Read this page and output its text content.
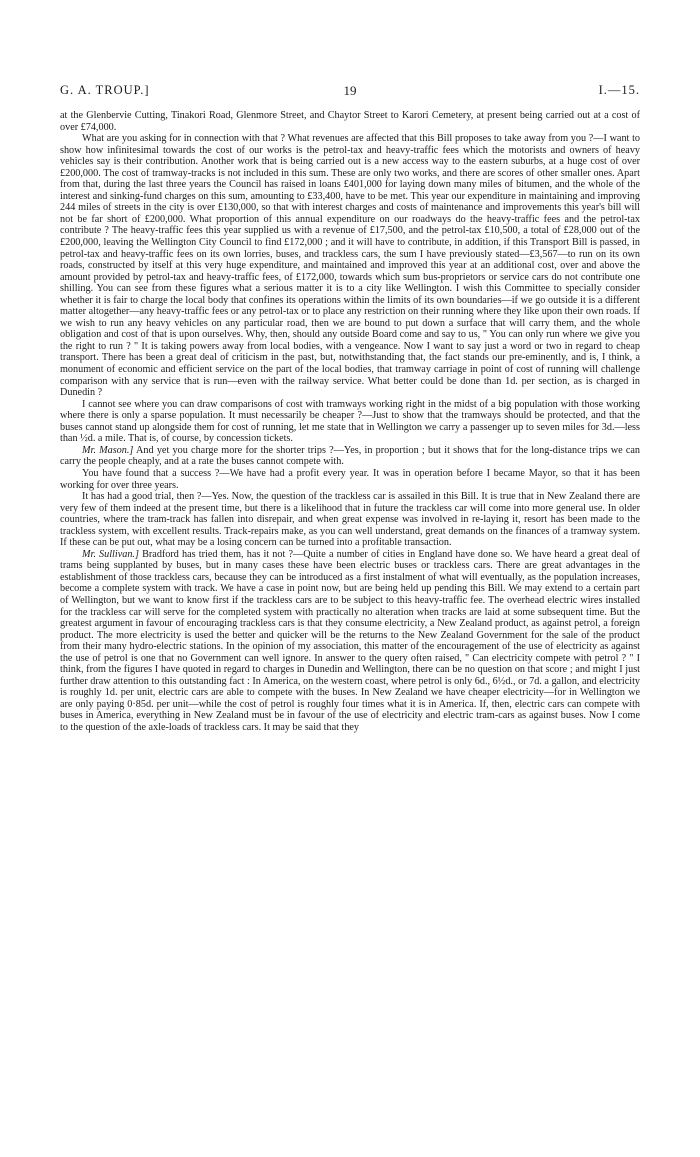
19
G. A. TROUP.]	I.—15.

at the Glenbervie Cutting, Tinakori Road, Glenmore Street, and Chaytor Street to Karori Cemetery, at present being carried out at a cost of over £74,000.

What are you asking for in connection with that ? What revenues are affected that this Bill proposes to take away from you ?—I want to show how infinitesimal towards the cost of our works is the petrol-tax and heavy-traffic fees which the motorists and owners of heavy vehicles say is their contribution. Another work that is being carried out is a new access way to the eastern suburbs, at a huge cost of over £200,000. The cost of tramway-tracks is not included in this sum. These are only two works, and there are scores of other smaller ones. Apart from that, during the last three years the Council has raised in loans £401,000 for laying down many miles of bitumen, and the whole of the interest and sinking-fund charges on this sum, amounting to £33,400, have to be met. This year our expenditure in maintaining and improving 244 miles of streets in the city is over £130,000, so that with interest charges and costs of maintenance and improvements this year's bill will not be far short of £200,000. What proportion of this annual expenditure on our roadways do the heavy-traffic fees and the petrol-tax contribute ? The heavy-traffic fees this year supplied us with a revenue of £17,500, and the petrol-tax £10,500, a total of £28,000 out of the £200,000, leaving the Wellington City Council to find £172,000 ; and it will have to contribute, in addition, if this Transport Bill is passed, in petrol-tax and heavy-traffic fees on its own lorries, buses, and trackless cars, the sum I have previously stated—£3,567—to run on its own roads, constructed by itself at this very huge expenditure, and maintained and improved this year at an additional cost, over and above the amount provided by petrol-tax and heavy-traffic fees, of £172,000, towards which sum bus-proprietors or service cars do not contribute one shilling. You can see from these figures what a serious matter it is to a city like Wellington. I wish this Committee to specially consider whether it is fair to charge the local body that confines its operations within the limits of its own boundaries—if we go outside it is a different matter altogether—any heavy-traffic fees or any petrol-tax or to place any restriction on their running where they like upon their own roads. If we wish to run any heavy vehicles on any particular road, then we are bound to put down a surface that will carry them, and the whole obligation and cost of that is upon ourselves. Why, then, should any outside Board come and say to us, " You can only run where we give you the right to run ? " It is taking powers away from local bodies, with a vengeance. Now I want to say just a word or two in regard to cheap transport. There has been a great deal of criticism in the past, but, notwithstanding that, the fact stands our pre-eminently, and is, I think, a monument of economic and efficient service on the part of the local bodies, that tramway carriage in point of cost of running will challenge comparison with any service that is run—even with the railway service. What better could be done than 1d. per section, as is charged in Dunedin ?

I cannot see where you can draw comparisons of cost with tramways working right in the midst of a big population with those working where there is only a sparse population. It must necessarily be cheaper ?—Just to show that the tramways should be protected, and that the buses cannot stand up alongside them for cost of running, let me state that in Wellington we carry a passenger up to seven miles for 3d.—less than ½d. a mile. That is, of course, by concession tickets.

Mr. Mason.] And yet you charge more for the shorter trips ?—Yes, in proportion ; but it shows that for the long-distance trips we can carry the people cheaply, and at a rate the buses cannot compete with.

You have found that a success ?—We have had a profit every year. It was in operation before I became Mayor, so that it has been working for over three years.

It has had a good trial, then ?—Yes. Now, the question of the trackless car is assailed in this Bill. It is true that in New Zealand there are very few of them indeed at the present time, but there is a likelihood that in future the trackless car will come into more general use. In older countries, where the tram-track has fallen into disrepair, and when great expense was involved in re-laying it, resort has been made to the trackless system, with excellent results. Track-repairs make, as you can well understand, great demands on the finances of a tramway system. If these can be put out, what may be a losing concern can be turned into a profitable transaction.

Mr. Sullivan.] Bradford has tried them, has it not ?—Quite a number of cities in England have done so. We have heard a great deal of trams being supplanted by buses, but in many cases these have been electric buses or trackless cars. There are great advantages in the establishment of those trackless cars, because they can be introduced as a first instalment of what will eventually, as the population increases, become a complete system with track. We have a case in point now, but are being held up pending this Bill. We may extend to a certain part of Wellington, but we want to know first if the trackless cars are to be subject to this heavy-traffic fee. The overhead electric wires installed for the trackless car will serve for the completed system with practically no alteration when tracks are laid at some subsequent time. But the greatest argument in favour of encouraging trackless cars is that they consume electricity, a New Zealand product, as against petrol, a foreign product. The more electricity is used the better and quicker will be the returns to the New Zealand Government for the sale of the product from their many hydro-electric stations. In the opinion of my association, this matter of the encouragement of the use of electricity as against the use of petrol is one that no Government can well ignore. In answer to the query often raised, " Can electricity compete with petrol ? " I think, from the figures I have quoted in regard to charges in Dunedin and Wellington, there can be no question on that score ; and might I just further draw attention to this outstanding fact : In America, on the western coast, where petrol is only 6d., 6½d., or 7d. a gallon, and electricity is roughly 1d. per unit, electric cars are able to compete with the buses. In New Zealand we have cheaper electricity—for in Wellington we are only paying 0·85d. per unit—while the cost of petrol is roughly four times what it is in America. If, then, electric cars can compete with buses in America, everything in New Zealand must be in favour of the use of electricity and electric tram-cars as against buses. Now I come to the question of the axle-loads of trackless cars. It may be said that they
